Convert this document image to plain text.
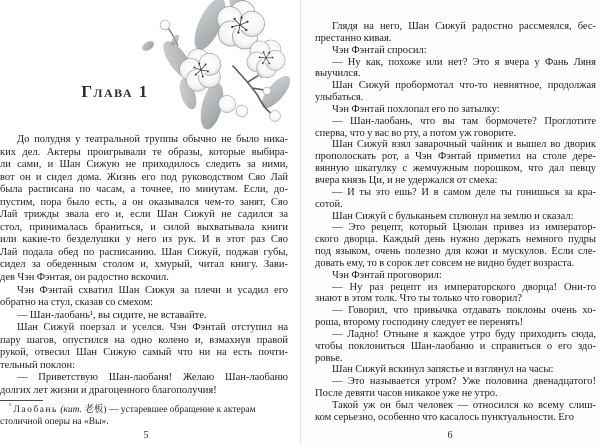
Глава 1
До полудня у театральной труппы обычно не было ника-
ких дел. Актеры проигрывали те образы, которые выбира-
ли сами, и Шан Сижую не приходилось следить за ними,
вот он и сидел дома. Жизнь его под руководством Сяо Лай
была расписана по часам, а точнее, по минутам. Если, до-
пустим, пора было есть, а он оказывался чем-то занят, Сяо
Лай трижды звала его и, если Шан Сижуй не садился за
стол, принималась браниться, и силой выхватывала книги
или какие-то безделушки у него из рук. И в этот раз Сяо
Лай подала обед по расписанию. Шан Сижуй, поджав губы,
сидел за обеденным столом и, хмурый, читал книгу. Зави-
дев Чэн Фэнтая, он радостно вскочил.
Чэн Фэнтай схватил Шан Сижуя за плечи и усадил его
обратно на стул, сказав со смехом:
— Шан-лаобань¹, вы сидите, не вставайте.
Шан Сижуй поерзал и уселся. Чэн Фэнтай отступил на
пару шагов, опустился на одно колено и, взмахнув правой
рукой, отвесил Шан Сижую самый что ни на есть почти-
тельный поклон:
— Приветствую Шан-лаобаня! Желаю Шан-лаобаню
долгих лет жизни и драгоценного благополучия!
$^{^1}$ Лаобань (кит. 老板) — устаревшее обращение к актерам столичной оперы на «Вы».
5
Глядя на него, Шан Сижуй радостно рассмеялся, бес-
престанно кивая.
Чэн Фэнтай спросил:
— Ну как, похоже или нет? Это я вчера у Фань Ляня
выучился.
Шан Сижуй пробормотал что-то невнятное, продолжая
улыбаться.
Чэн Фэнтай похлопал его по затылку:
— Шан-лаобань, что вы там бормочете? Проглотите
сперва, что у вас во рту, а потом уж говорите.
Шан Сижуй взял заварочный чайник и вышел во дворик
прополоскать рот, а Чэн Фэнтай приметил на столе дере-
вянную шкатулку с жемчужным порошком, что дал певцу
вчера князь Ци, и не удержался от смеха:
— И ты это ешь? И в самом деле ты гонишься за кра-
сотой.
Шан Сижуй с бульканьем сплюнул на землю и сказал:
— Это рецепт, который Цзюлан привез из император-
ского дворца. Каждый день нужно держать немного пудры
под языком, очень полезно для кожи и мускулов. Если сле-
довать ему, то в сорок лет совсем не видно будет возраста.
Чэн Фэнтай проговорил:
— Ну раз рецепт из императорского дворца! Они-то
знают в этом толк. Что ты только что говорил?
— Говорил, что привычка отдавать поклоны очень хо-
роша, второму господину следует ее перенять!
— Ладно! Отныне я каждое утро буду приходить сюда,
чтобы поклониться Шан-лаобаню и справиться о его здо-
ровье.
Шан Сижуй вскинул запястье и взглянул на часы:
— Это называется утром? Уже половина двенадцатого!
После девяти часов никакое уже не утро.
Такой уж он был человек — относился ко всему слиш-
ком серьезно, особенно что касалось пунктуальности. Его
6
